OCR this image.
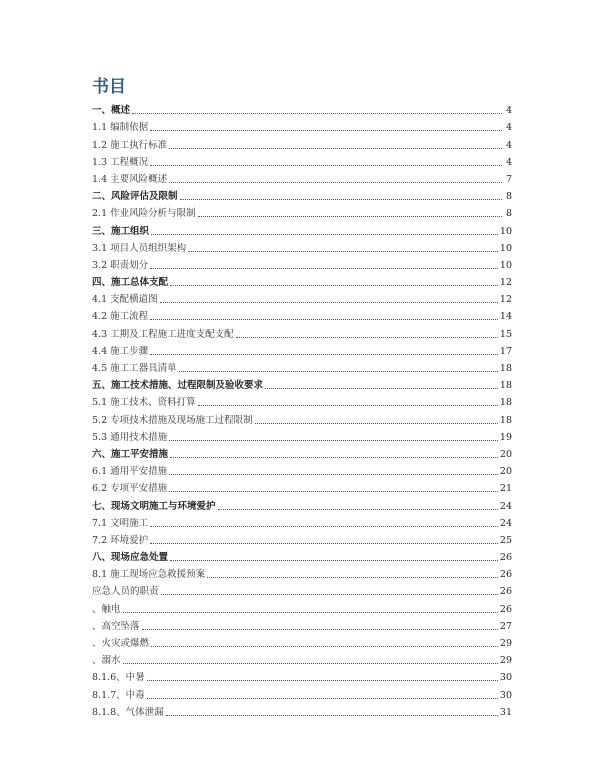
书目
一、概述	4
1.1 编制依据	4
1.2 施工执行标准	4
1.3 工程概况	4
1.4 主要风险概述	7
二、风险评估及限制	8
2.1 作业风险分析与限制	8
三、施工组织	10
3.1 项目人员组织架构	10
3.2 职责划分	10
四、施工总体支配	12
4.1 支配横道图	12
4.2 施工流程	14
4.3 工期及工程施工进度支配支配	15
4.4 施工步骤	17
4.5 施工工器具清单	18
五、施工技术措施、过程限制及验收要求	18
5.1 施工技术、资料打算	18
5.2 专项技术措施及现场施工过程限制	18
5.3 通用技术措施	19
六、施工平安措施	20
6.1 通用平安措施	20
6.2 专项平安措施	21
七、现场文明施工与环境爱护	24
7.1 文明施工	24
7.2 环境爱护	25
八、现场应急处置	26
8.1 施工现场应急救援预案	26
应急人员的职责	26
、触电	26
、高空坠落	27
、火灾或爆燃	29
、溺水	29
8.1.6、中暑	30
8.1.7、中毒	30
8.1.8、气体泄漏	31
